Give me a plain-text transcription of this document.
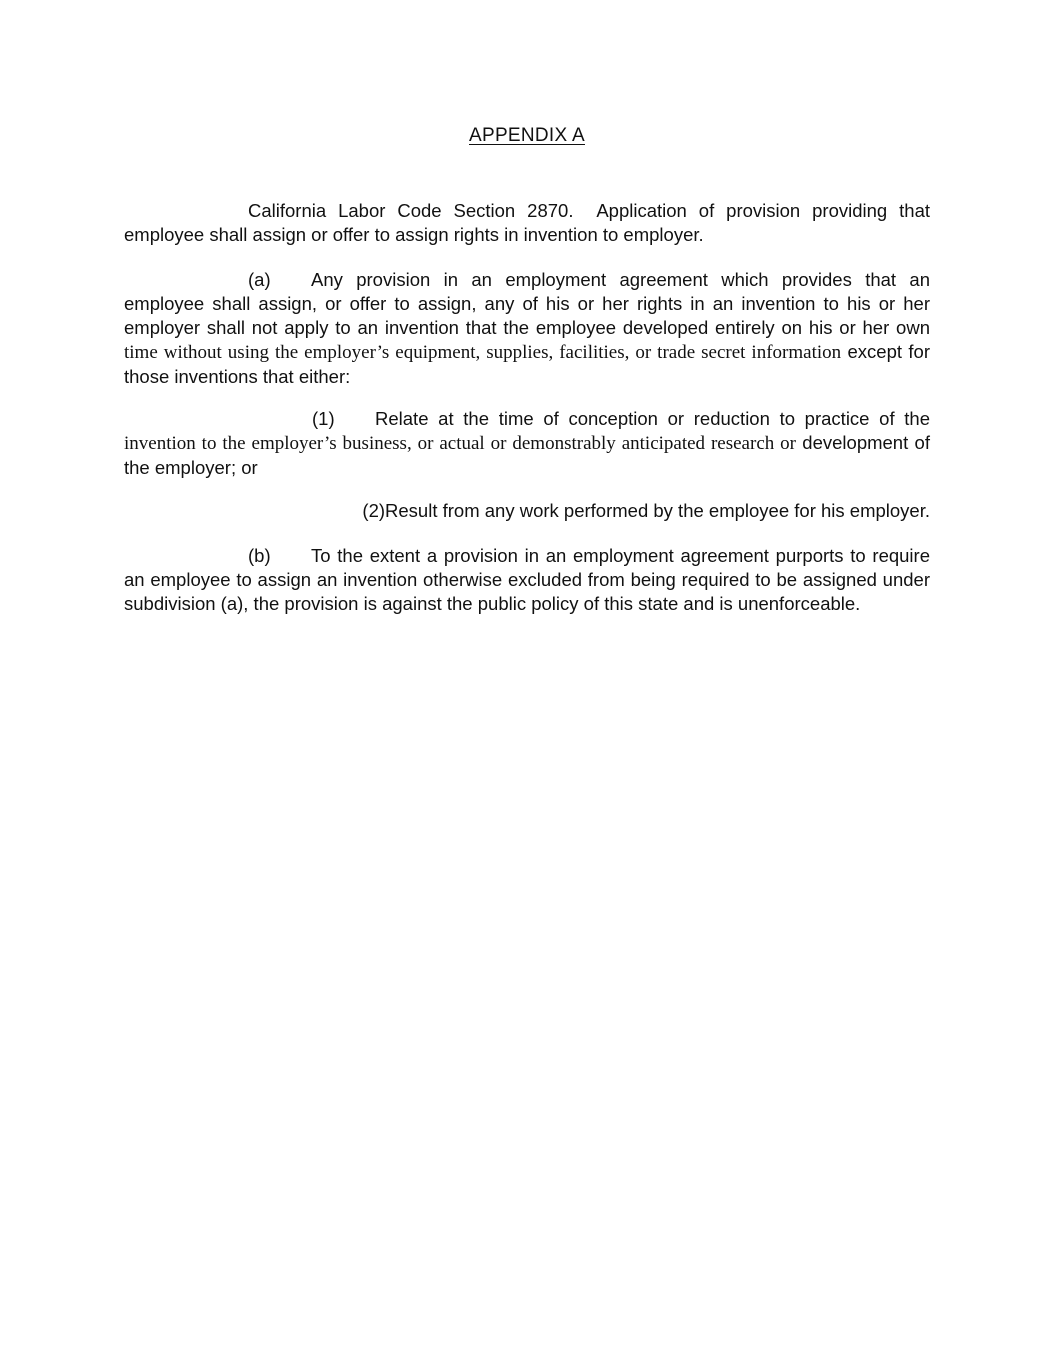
APPENDIX A

California Labor Code Section 2870. Application of provision providing that employee shall assign or offer to assign rights in invention to employer.

(a) Any provision in an employment agreement which provides that an employee shall assign, or offer to assign, any of his or her rights in an invention to his or her employer shall not apply to an invention that the employee developed entirely on his or her own time without using the employer’s equipment, supplies, facilities, or trade secret information except for those inventions that either:

(1) Relate at the time of conception or reduction to practice of the invention to the employer’s business, or actual or demonstrably anticipated research or development of the employer; or

(2)Result from any work performed by the employee for his employer.

(b) To the extent a provision in an employment agreement purports to require an employee to assign an invention otherwise excluded from being required to be assigned under subdivision (a), the provision is against the public policy of this state and is unenforceable.
